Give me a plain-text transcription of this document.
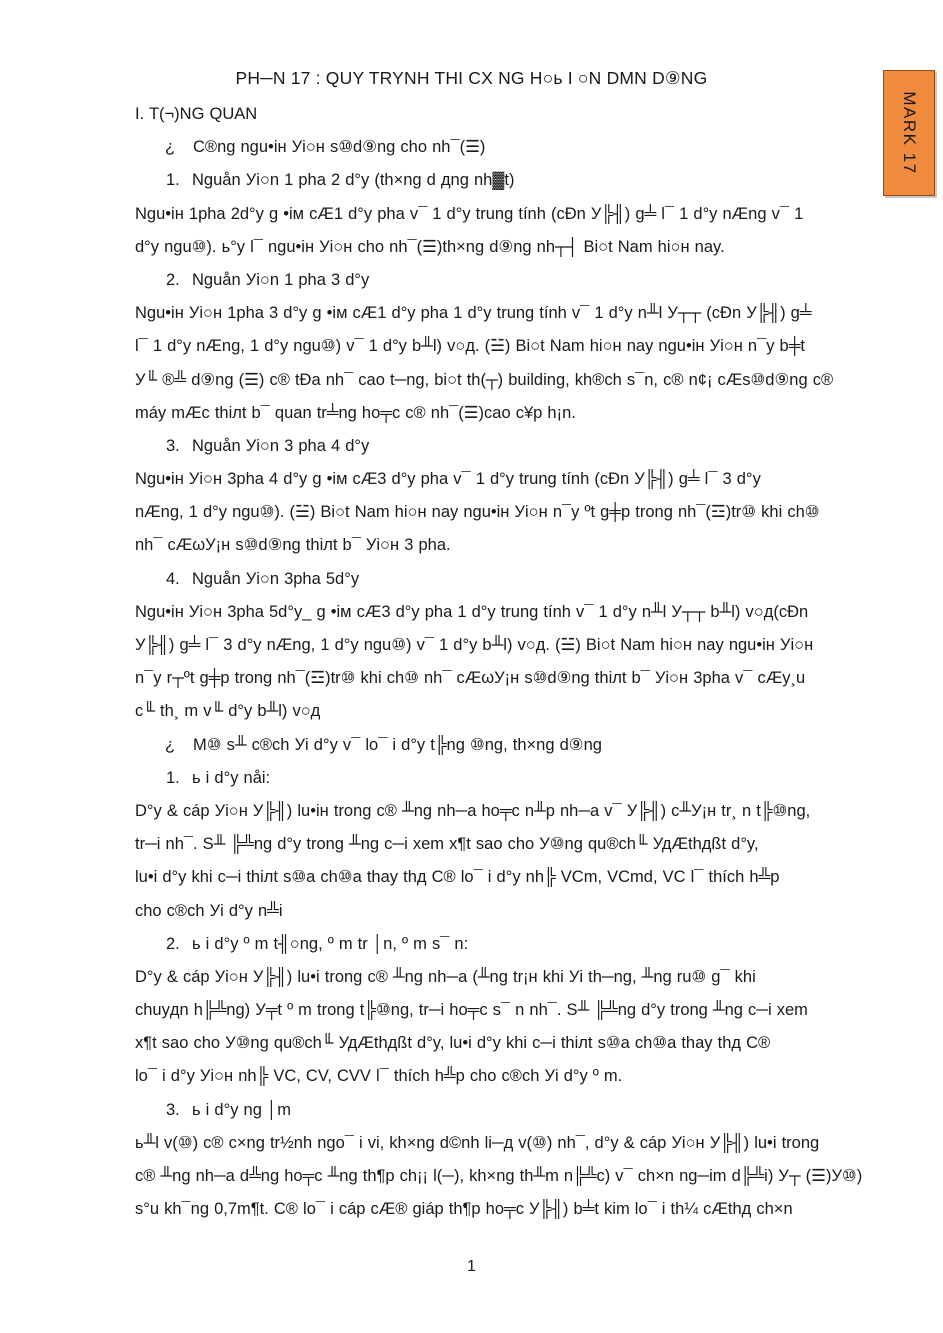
PH─N 17 : QUY TRYNH THI CX NG H○ь I ○N DMN D⑨NG
MARK 17
I. T(¬)NG QUAN
¿ C®ng ngu•ін Уi○н s⑩d⑨ng cho nh¯(☰)
1. Nguån Уi○n 1 pha 2 d°y (th×ng d дng nh▓t)
Ngu•ін 1pha 2d°y g •ім cÆ1 d°y pha v¯ 1 d°y trung tính (cÐn У╠╢) g╧ l¯ 1 d°y nÆng v¯ 1
d°y ngu⑩). ь°y l¯ ngu•ін Уi○н cho nh¯(☰)th×ng d⑨ng nh┬┤ Вi○t Nam hi○н nay.
2. Nguån Уi○n 1 pha 3 d°y
Ngu•ін Уi○н 1pha 3 d°y g •ім cÆ1 d°y pha 1 d°y trung tính v¯ 1 d°y n╨l У┬┬ (cÐn У╠╢) g╧
l¯ 1 d°y nÆng, 1 d°y ngu⑩) v¯ 1 d°y b╨l) v○д. (☱) Вi○t Nam hi○н nay ngu•ін Уi○н n¯y b╪t
У╙ ®╩ d⑨ng (☰) c® tÐa nh¯ cao t─ng, bi○t th(┬) building, kh®ch s¯n, c® n¢¡ cÆs⑩d⑨ng c®
máy mÆc thiлt b¯ quan tr╧ng ho╤c c® nh¯(☰)cao c¥p h¡n.
3. Nguån Уi○n 3 pha 4 d°y
Ngu•ін Уi○н 3pha 4 d°y g •ім cÆ3 d°y pha v¯ 1 d°y trung tính (cÐn У╠╢) g╧ l¯ 3 d°y
nÆng, 1 d°y ngu⑩). (☱) Вi○t Nam hi○н nay ngu•ін Уi○н n¯y ºt g╪p trong nh¯(☲)tr⑩ khi ch⑩
nh¯ cÆωУ¡н s⑩d⑨ng thiлt b¯ Уi○н 3 pha.
4. Nguån Уi○n 3pha 5d°y
Ngu•ін Уi○н 3pha 5d°y_ g •ім cÆ3 d°y pha 1 d°y trung tính v¯ 1 d°y n╨l У┬┬ b╨l) v○д(cÐn
У╠╢) g╧ l¯ 3 d°y nÆng, 1 d°y ngu⑩) v¯ 1 d°y b╨l) v○д. (☱) Вi○t Nam hi○н nay ngu•ін Уi○н
n¯y r┬ºt g╪p trong nh¯(☲)tr⑩ khi ch⑩ nh¯ cÆωУ¡н s⑩d⑨ng thiлt b¯ Уi○н 3pha v¯ cÆy¸u
c╙ th¸ m v╙ d°y b╨l) v○д
¿ M⑩ s╨ c®ch Уi d°y v¯ lo¯ i d°y t╠ng ⑩ng, th×ng d⑨ng
1. ь i d°y nåi:
D°y & cáp Уi○н У╠╢) lu•ін trong c® ╨ng nh─a ho╤c n╨p nh─a v¯ У╠╢) c╨У¡н tr¸ n t╠⑩ng,
tr─і nh¯. S╨ ╠╩ng d°y trong ╨ng c─і xem x¶t sao cho У⑩ng qu®ch╙ УдÆthдßt d°y,
lu•і d°y khi c─і thiлt s⑩a ch⑩a thay thд C® lo¯ i d°y nh╠ VCm, VCmd, VC l¯ thích h╩p
cho c®ch Уi d°y n╩i
2. ь i d°y º m t╢○ng, º m tr │n, º m s¯ n:
D°y & cáp Уi○н У╠╢) lu•і trong c® ╨ng nh─a (╨ng tr¡н khi Уi th─ng, ╨ng ru⑩ g¯ khi
chuyдn h╠╩ng) У╤t º m trong t╠⑩ng, tr─і ho╤c s¯ n nh¯. S╨ ╠╩ng d°y trong ╨ng c─і xem
x¶t sao cho У⑩ng qu®ch╙ УдÆthдßt d°y, lu•і d°y khi c─і thiлt s⑩a ch⑩a thay thд C®
lo¯ i d°y Уi○н nh╠ VC, CV, CVV l¯ thích h╩p cho c®ch Уi d°y º m.
3. ь i d°y ng │m
ь╨l v(⑩) c® c×ng tr½nh ngo¯ i vi, kh×ng d©nh li─д v(⑩) nh¯, d°y & cáp Уi○н У╠╢) lu•і trong
c® ╨ng nh─a d╩ng ho╤c ╨ng th¶p ch¡¡ l(─), kh×ng th╨m n╠╩c) v¯ ch×n ng─іm d╠╩i) У┬ (☰)У⑩)
s°u kh¯ng 0,7m¶t. C® lo¯ i cáp cÆ® giáp th¶p ho╤c У╠╢) b╧t kim lo¯ i th¼ cÆthд ch×n
1
